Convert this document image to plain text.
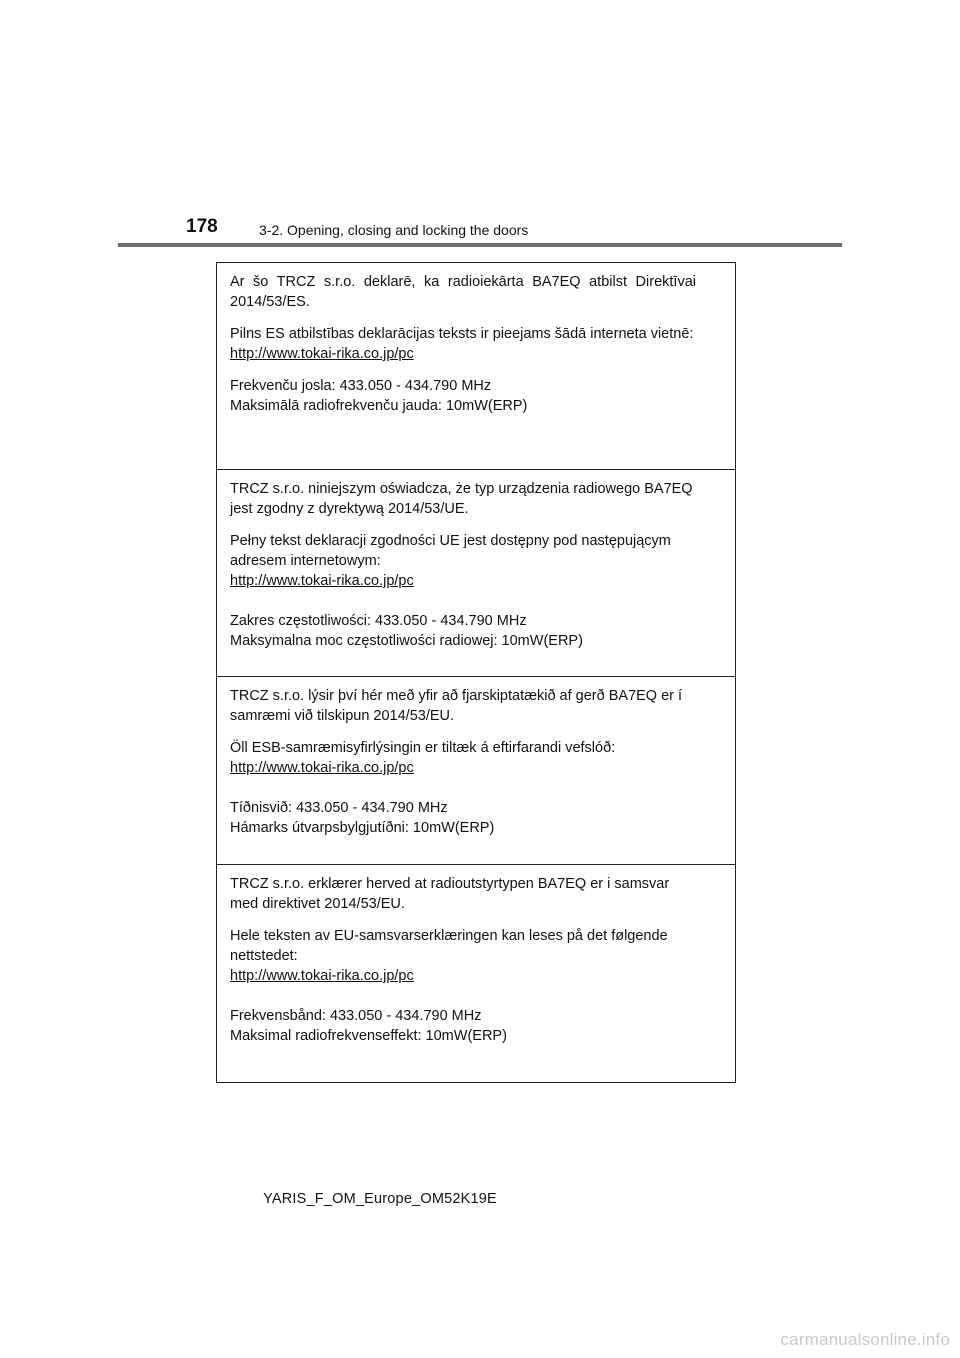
178	3-2. Opening, closing and locking the doors

Ar šo TRCZ s.r.o. deklarē, ka radioiekārta BA7EQ atbilst Direktīvai 2014/53/ES.

Pilns ES atbilstības deklarācijas teksts ir pieejams šādā interneta vietnē:

http://www.tokai-rika.co.jp/pc
Frekvenču josla: 433.050 - 434.790 MHz
Maksimālā radiofrekvenču jauda: 10mW(ERP)

TRCZ s.r.o. niniejszym oświadcza, że typ urządzenia radiowego BA7EQ jest zgodny z dyrektywą 2014/53/UE.

Pełny tekst deklaracji zgodności UE jest dostępny pod następującym adresem internetowym:

http://www.tokai-rika.co.jp/pc
Zakres częstotliwości: 433.050 - 434.790 MHz
Maksymalna moc częstotliwości radiowej: 10mW(ERP)

TRCZ s.r.o. lýsir því hér með yfir að fjarskiptatækið af gerð BA7EQ er í samræmi við tilskipun 2014/53/EU.

Öll ESB-samræmisyfirlýsingin er tiltæk á eftirfarandi vefslóð:

http://www.tokai-rika.co.jp/pc
Tíðnisvið: 433.050 - 434.790 MHz
Hámarks útvarpsbylgjutíðni: 10mW(ERP)

TRCZ s.r.o. erklærer herved at radioutstyrtypen BA7EQ er i samsvar med direktivet 2014/53/EU.

Hele teksten av EU-samsvarserklæringen kan leses på det følgende nettstedet:

http://www.tokai-rika.co.jp/pc
Frekvensbånd: 433.050 - 434.790 MHz
Maksimal radiofrekvenseffekt: 10mW(ERP)
YARIS_F_OM_Europe_OM52K19E
carmanualsonline.info
